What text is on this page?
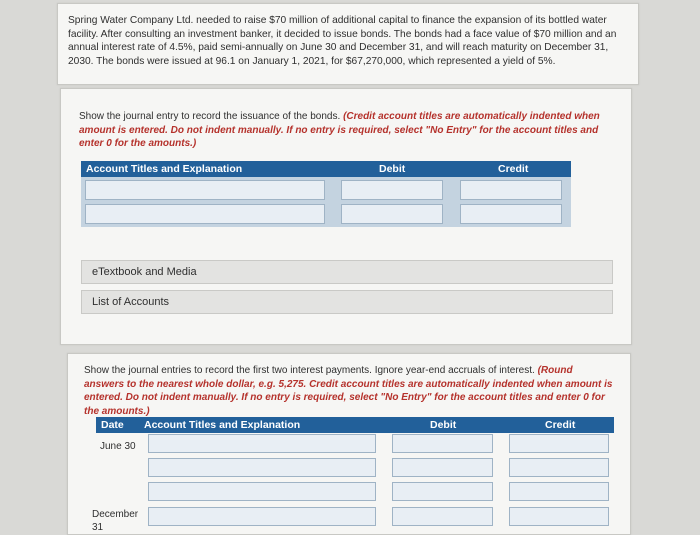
Spring Water Company Ltd. needed to raise $70 million of additional capital to finance the expansion of its bottled water facility. After consulting an investment banker, it decided to issue bonds. The bonds had a face value of $70 million and an annual interest rate of 4.5%, paid semi-annually on June 30 and December 31, and will reach maturity on December 31, 2030. The bonds were issued at 96.1 on January 1, 2021, for $67,270,000, which represented a yield of 5%.
Show the journal entry to record the issuance of the bonds. (Credit account titles are automatically indented when amount is entered. Do not indent manually. If no entry is required, select "No Entry" for the account titles and enter 0 for the amounts.)
Account Titles and Explanation	Debit	Credit
eTextbook and Media
List of Accounts
Show the journal entries to record the first two interest payments. Ignore year-end accruals of interest. (Round answers to the nearest whole dollar, e.g. 5,275. Credit account titles are automatically indented when amount is entered. Do not indent manually. If no entry is required, select "No Entry" for the account titles and enter 0 for the amounts.)
Date Account Titles and Explanation	Debit	Credit
June 30
December 31
